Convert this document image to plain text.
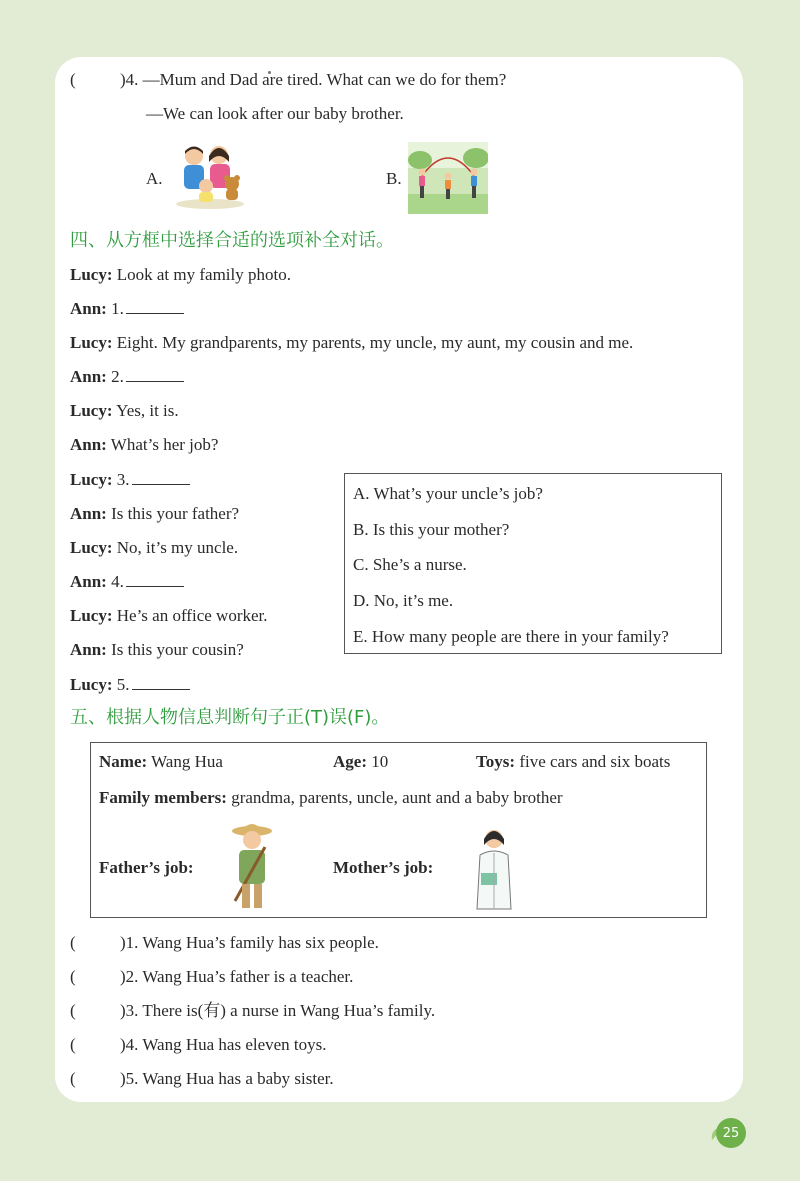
(	)4. —Mum and Dad are tired. What can we do for them?
—We can look after our baby brother.
A.	B.
四、从方框中选择合适的选项补全对话。
Lucy: Look at my family photo.
Ann: 1.
Lucy: Eight. My grandparents, my parents, my uncle, my aunt, my cousin and me.
Ann: 2.
Lucy: Yes, it is.
Ann: What’s her job?
Lucy: 3.
Ann: Is this your father?
Lucy: No, it’s my uncle.
Ann: 4.
Lucy: He’s an office worker.
Ann: Is this your cousin?
Lucy: 5.
A. What’s your uncle’s job?
B. Is this your mother?
C. She’s a nurse.
D. No, it’s me.
E. How many people are there in your family?
五、根据人物信息判断句子正(T)误(F)。
Name: Wang Hua	Age: 10	Toys: five cars and six boats
Family members: grandma, parents, uncle, aunt and a baby brother
Father’s job:	Mother’s job:
(	)1. Wang Hua’s family has six people.
(	)2. Wang Hua’s father is a teacher.
(	)3. There is(有) a nurse in Wang Hua’s family.
(	)4. Wang Hua has eleven toys.
(	)5. Wang Hua has a baby sister.
25
